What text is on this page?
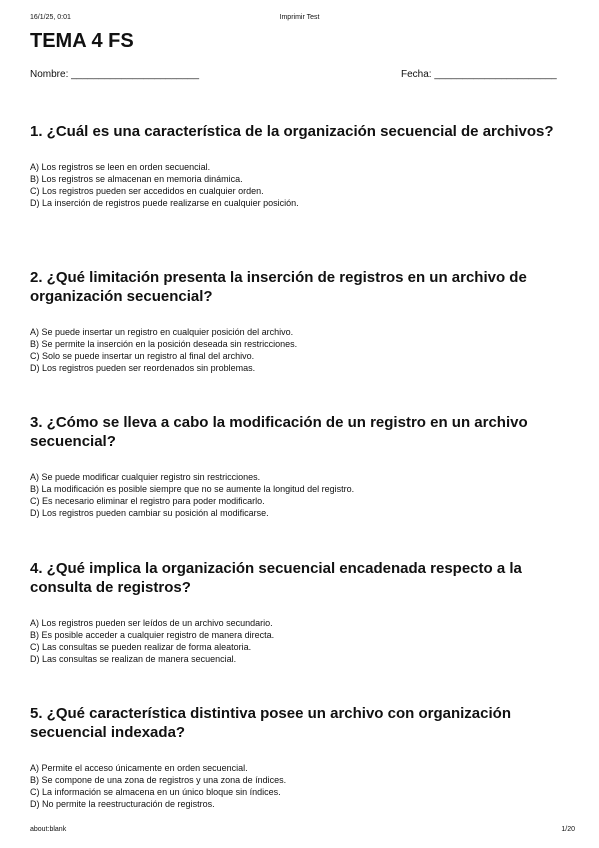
16/1/25, 0:01	Imprimir Test
TEMA 4 FS
Nombre: _______________________	Fecha: ______________________

1. ¿Cuál es una característica de la organización secuencial de archivos?

A) Los registros se leen en orden secuencial.
B) Los registros se almacenan en memoria dinámica.
C) Los registros pueden ser accedidos en cualquier orden.
D) La inserción de registros puede realizarse en cualquier posición.

2. ¿Qué limitación presenta la inserción de registros en un archivo de organización secuencial?

A) Se puede insertar un registro en cualquier posición del archivo.
B) Se permite la inserción en la posición deseada sin restricciones.
C) Solo se puede insertar un registro al final del archivo.
D) Los registros pueden ser reordenados sin problemas.

3. ¿Cómo se lleva a cabo la modificación de un registro en un archivo secuencial?

A) Se puede modificar cualquier registro sin restricciones.
B) La modificación es posible siempre que no se aumente la longitud del registro.
C) Es necesario eliminar el registro para poder modificarlo.
D) Los registros pueden cambiar su posición al modificarse.

4. ¿Qué implica la organización secuencial encadenada respecto a la consulta de registros?

A) Los registros pueden ser leídos de un archivo secundario.
B) Es posible acceder a cualquier registro de manera directa.
C) Las consultas se pueden realizar de forma aleatoria.
D) Las consultas se realizan de manera secuencial.

5. ¿Qué característica distintiva posee un archivo con organización secuencial indexada?

A) Permite el acceso únicamente en orden secuencial.
B) Se compone de una zona de registros y una zona de índices.
C) La información se almacena en un único bloque sin índices.
D) No permite la reestructuración de registros.
about:blank	1/20
